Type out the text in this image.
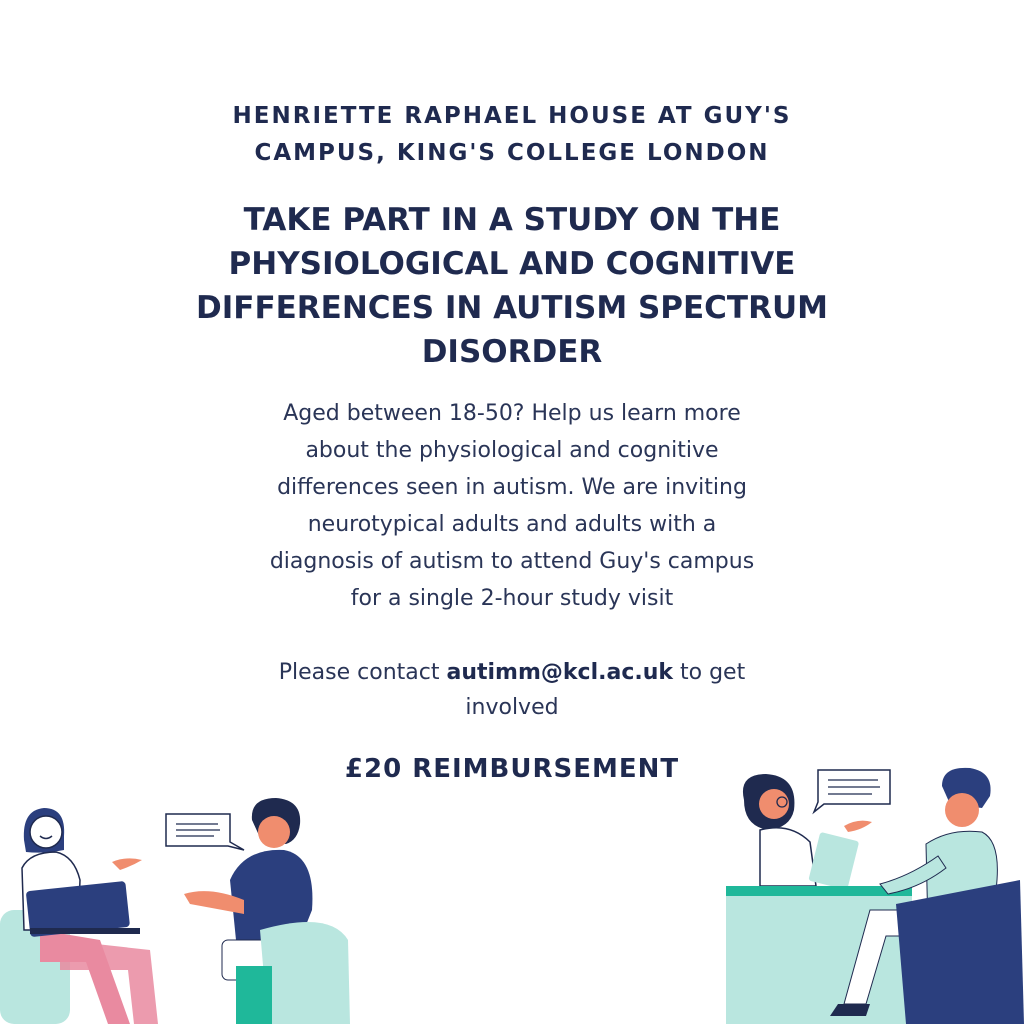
HENRIETTE RAPHAEL HOUSE AT GUY'S
CAMPUS, KING'S COLLEGE LONDON
TAKE PART IN A STUDY ON THE
PHYSIOLOGICAL AND COGNITIVE
DIFFERENCES IN AUTISM SPECTRUM
DISORDER
Aged between 18-50? Help us learn more
about the physiological and cognitive
differences seen in autism. We are inviting
neurotypical adults and adults with a
diagnosis of autism to attend Guy's campus
for a single 2-hour study visit
Please contact autimm@kcl.ac.uk to get
involved
£20 REIMBURSEMENT
